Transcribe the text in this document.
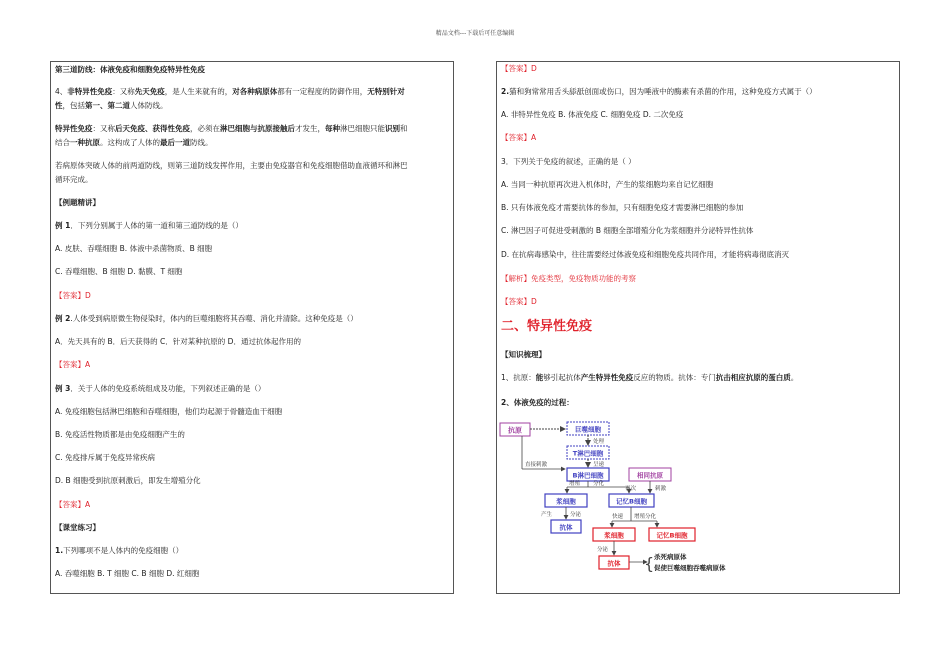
精品文档---下载后可任意编辑
第三道防线：体液免疫和细胞免疫特异性免疫
4、非特异性免疫：又称先天免疫，是人生来就有的，对各种病原体都有一定程度的防御作用，无特别针对
性，包括第一、第二道人体防线。
特异性免疫：又称后天免疫、获得性免疫，必须在淋巴细胞与抗原接触后才发生，每种淋巴细胞只能识别和
结合一种抗原。这构成了人体的最后一道防线。
若病原体突破人体的前两道防线，则第三道防线发挥作用，主要由免疫器官和免疫细胞借助血液循环和淋巴
循环完成。
【例题精讲】
例 1．下列分别属于人体的第一道和第三道防线的是（）
A. 皮肤、吞噬细胞 B. 体液中杀菌物质、B 细胞
C. 吞噬细胞、B 细胞 D. 黏膜、T 细胞
【答案】D
例 2.人体受到病原微生物侵染时，体内的巨噬细胞将其吞噬、消化并清除。这种免疫是（）
A．先天具有的 B．后天获得的 C．针对某种抗原的 D．通过抗体起作用的
【答案】A
例 3．关于人体的免疫系统组成及功能，下列叙述正确的是（）
A. 免疫细胞包括淋巴细胞和吞噬细胞，他们均起源于骨髓造血干细胞
B. 免疫活性物质都是由免疫细胞产生的
C. 免疫排斥属于免疫异常疾病
D. B 细胞受到抗原刺激后，即发生增殖分化
【答案】A
【课堂练习】
1.下列哪项不是人体内的免疫细胞（）
A. 吞噬细胞 B. T 细胞 C. B 细胞 D. 红细胞
【答案】D
2.猫和狗常常用舌头舔舐创面或伤口，因为唾液中的酶素有杀菌的作用，这种免疫方式属于（）
A. 非特异性免疫 B. 体液免疫 C. 细胞免疫 D. 二次免疫
【答案】A
3．下列关于免疫的叙述，正确的是（ ）
A. 当同一种抗原再次进入机体时，产生的浆细胞均来自记忆细胞
B. 只有体液免疫才需要抗体的参加，只有细胞免疫才需要淋巴细胞的参加
C. 淋巴因子可促进受刺激的 B 细胞全部增殖分化为浆细胞并分泌特异性抗体
D. 在抗病毒感染中，往往需要经过体液免疫和细胞免疫共同作用，才能将病毒彻底消灭
【解析】免疫类型，免疫物质功能的考察
【答案】D
二、特异性免疫
【知识梳理】
1、抗原：能够引起抗体产生特异性免疫反应的物质。抗体：专门抗击相应抗原的蛋白质。
2、体液免疫的过程：
抗原
直接刺激
巨噬细胞
处理
T淋巴细胞
呈递
B淋巴细胞	相同抗原
再次	刺激
增殖 分化
浆细胞	记忆B细胞
产生	分泌
抗体
快速 增殖分化
浆细胞	记忆B细胞
分泌
抗体 { 杀死病原体
促使巨噬细胞吞噬病原体
